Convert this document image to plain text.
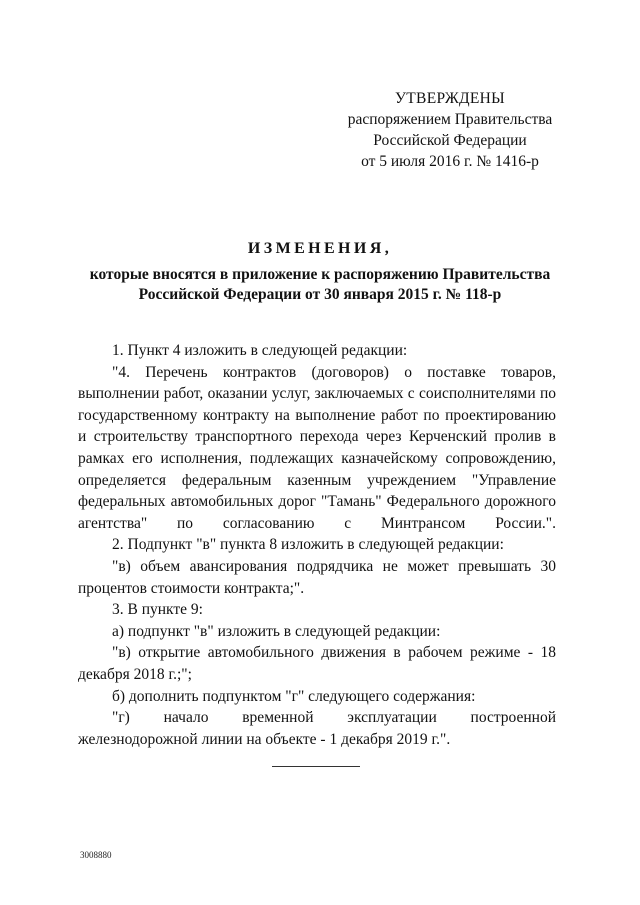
УТВЕРЖДЕНЫ
распоряжением Правительства
Российской Федерации
от 5 июля 2016 г. № 1416-р
ИЗМЕНЕНИЯ,
которые вносятся в приложение к распоряжению Правительства
Российской Федерации от 30 января 2015 г. № 118-р

1. Пункт 4 изложить в следующей редакции:

"4. Перечень контрактов (договоров) о поставке товаров, выполнении работ, оказании услуг, заключаемых с соисполнителями по государственному контракту на выполнение работ по проектированию и строительству транспортного перехода через Керченский пролив в рамках его исполнения, подлежащих казначейскому сопровождению, определяется федеральным казенным учреждением "Управление федеральных автомобильных дорог "Тамань" Федерального дорожного агентства" по согласованию с Минтрансом России.".

2. Подпункт "в" пункта 8 изложить в следующей редакции:

"в) объем авансирования подрядчика не может превышать 30 процентов стоимости контракта;".

3. В пункте 9:

а) подпункт "в" изложить в следующей редакции:

"в) открытие автомобильного движения в рабочем режиме - 18 декабря 2018 г.;";

б) дополнить подпунктом "г" следующего содержания:

"г) начало временной эксплуатации построенной железнодорожной линии на объекте - 1 декабря 2019 г.".

3008880
